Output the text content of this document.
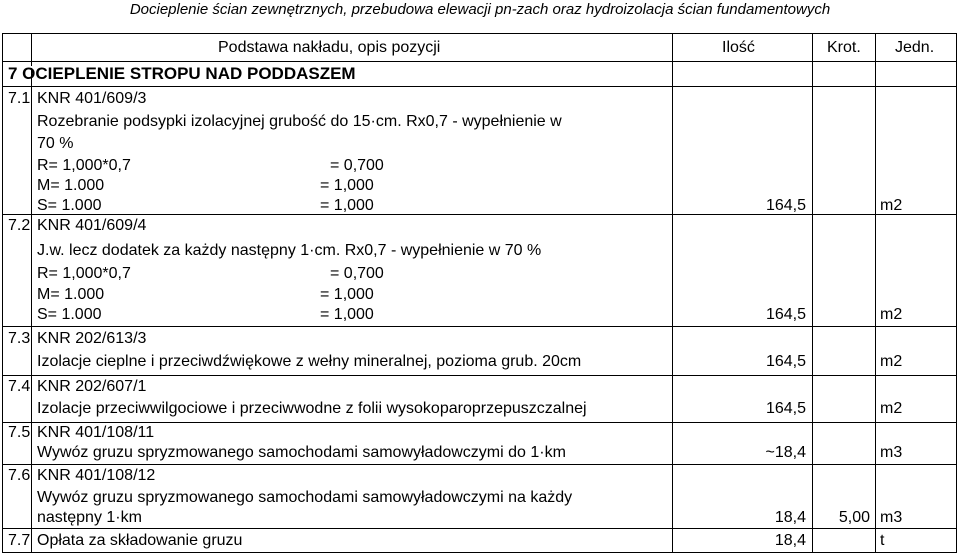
Docieplenie ścian zewnętrznych, przebudowa elewacji pn-zach oraz hydroizolacja ścian fundamentowych
Podstawa nakładu, opis pozycji	Ilość	Krot. Jedn.
7 OCIEPLENIE STROPU NAD PODDASZEM
7.1 KNR 401/609/3
Rozebranie podsypki izolacyjnej grubość do 15·cm. Rx0,7 - wypełnienie w
70 %
R= 1,000*0,7	= 0,700
M= 1.000	= 1,000
S= 1.000	= 1,000	164,5	m2
7.2 KNR 401/609/4
J.w. lecz dodatek za każdy następny 1·cm. Rx0,7 - wypełnienie w 70 %
R= 1,000*0,7	= 0,700
M= 1.000	= 1,000
S= 1.000	= 1,000	164,5	m2
7.3 KNR 202/613/3
Izolacje cieplne i przeciwdźwiękowe z wełny mineralnej, pozioma grub. 20cm	164,5	m2
7.4 KNR 202/607/1
Izolacje przeciwwilgociowe i przeciwwodne z folii wysokoparoprzepuszczalnej	164,5	m2
7.5 KNR 401/108/11
Wywóz gruzu spryzmowanego samochodami samowyładowczymi do 1·km	~18,4	m3
7.6 KNR 401/108/12
Wywóz gruzu spryzmowanego samochodami samowyładowczymi na każdy
następny 1·km	18,4	5,00 m3
7.7 Opłata za składowanie gruzu	18,4	t
